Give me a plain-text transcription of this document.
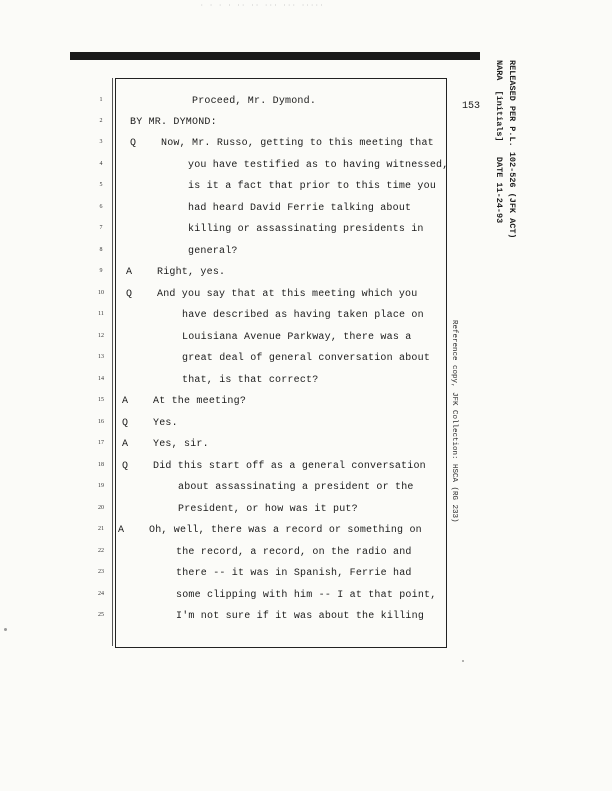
· · · · ·· ·· ··· ··· ·····
153	RELEASED PER P.L. 102-526 (JFK ACT)
NARA  [initials]   DATE 11-24-93
Reference copy, JFK Collection: HSCA (RG 233)
1
2
3
4
5
6
7
8
9
10
11
12
13
14
15
16
17
18
19
20
21
22
23
24
25
Proceed, Mr. Dymond.
BY MR. DYMOND:
Q    Now, Mr. Russo, getting to this meeting that
you have testified as to having witnessed,
is it a fact that prior to this time you
had heard David Ferrie talking about
killing or assassinating presidents in
general?
A    Right, yes.
Q    And you say that at this meeting which you
have described as having taken place on
Louisiana Avenue Parkway, there was a
great deal of general conversation about
that, is that correct?
A    At the meeting?
Q    Yes.
A    Yes, sir.
Q    Did this start off as a general conversation
about assassinating a president or the
President, or how was it put?
A    Oh, well, there was a record or something on
the record, a record, on the radio and
there -- it was in Spanish, Ferrie had
some clipping with him -- I at that point,
I'm not sure if it was about the killing
